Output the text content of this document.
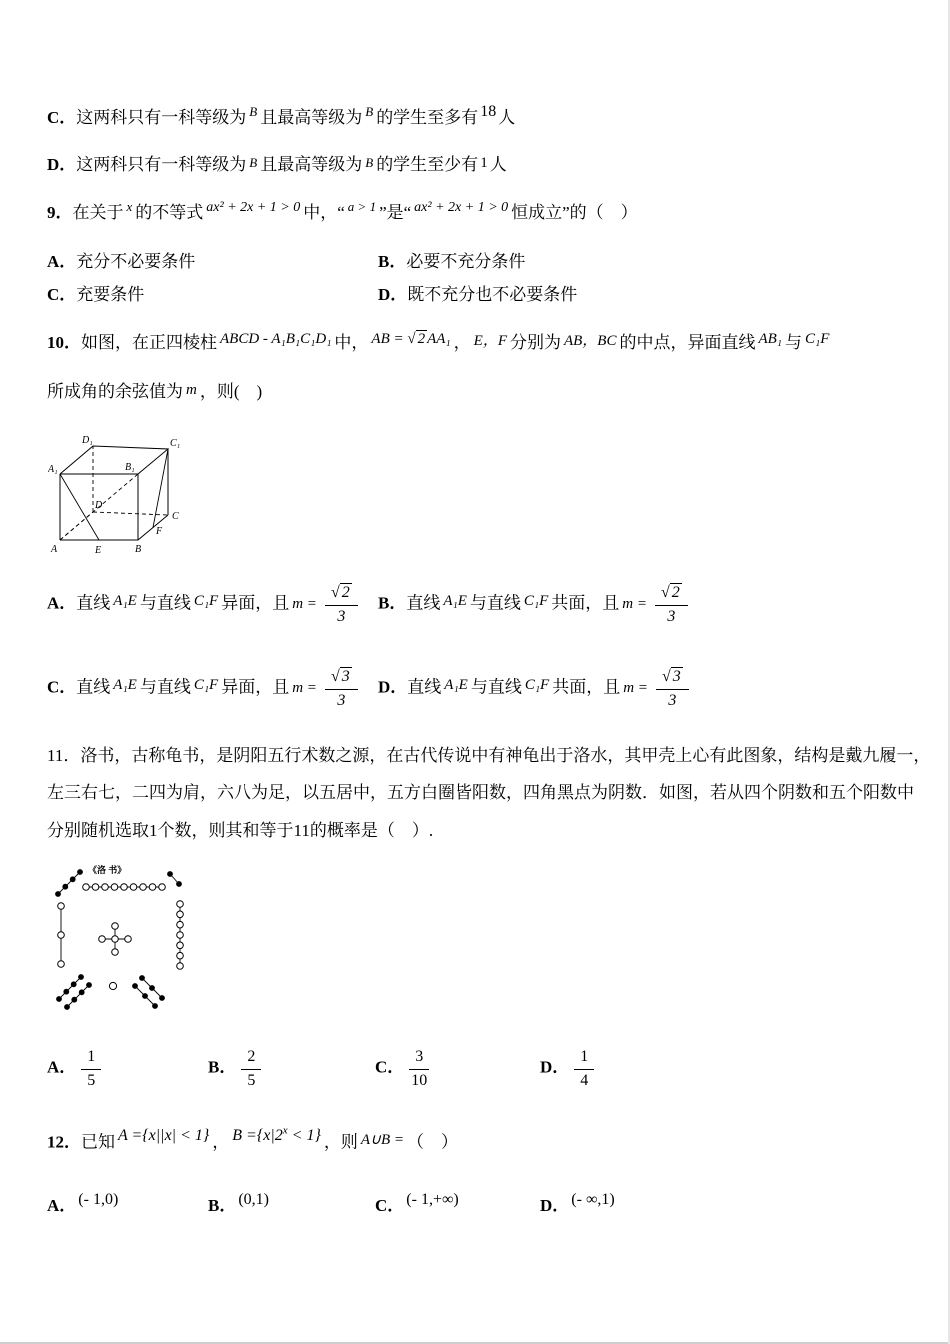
C．这两科只有一科等级为 $^B$ 且最高等级为 $^B$ 的学生至多有 18 人
D．这两科只有一科等级为 B 且最高等级为 B 的学生至少有 1 人
9．在关于 $^x$ 的不等式 $^{ax^2 + 2x + 1 > 0}$ 中，“ $^{a > 1}$ ”是“ $^{ax^2 + 2x + 1 > 0}$ 恒成立”的（　）
A．充分不必要条件	B．必要不充分条件
C．充要条件	D．既不充分也不必要条件
10．如图，在正四棱柱 ABCD - A₁B₁C₁D₁ 中， AB = √ 2 AA₁ ， E，F 分别为 AB，BC 的中点，异面直线 AB₁ 与 C₁F
所成角的余弦值为 m ，则(　)
D₁	C₁
A₁	B₁
D
C
F
A	E	B
A．直线 A₁E 与直线 C₁F 异面，且 $m = \frac{√ 2}{3}$ B．直线 A₁E 与直线 C₁F 共面，且 $m = \frac{√ 2}{3}$
C．直线 A₁E 与直线 C₁F 异面，且 $m = \frac{√ 3}{3}$ D．直线 A₁E 与直线 C₁F 共面，且 $m = \frac{√ 3}{3}$
11．洛书，古称龟书，是阴阳五行术数之源，在古代传说中有神龟出于洛水，其甲壳上心有此图象，结构是戴九履一，
左三右七，二四为肩，六八为足，以五居中，五方白圈皆阳数，四角黑点为阴数．如图，若从四个阴数和五个阳数中
分别随机选取1个数，则其和等于11的概率是（　）.
《洛 书》
A． $\frac{1}{5}$	B． $\frac{2}{5}$	C． $\frac{3}{10}$	D． $\frac{1}{4}$
12．已知 A ={x||x| < 1} ， $B =\{x|2^x < 1\}$ ，则 A∪B = （　）
A． (- 1,0)	B． (0,1)	C． (- 1,+∞)	D． (- ∞,1)
